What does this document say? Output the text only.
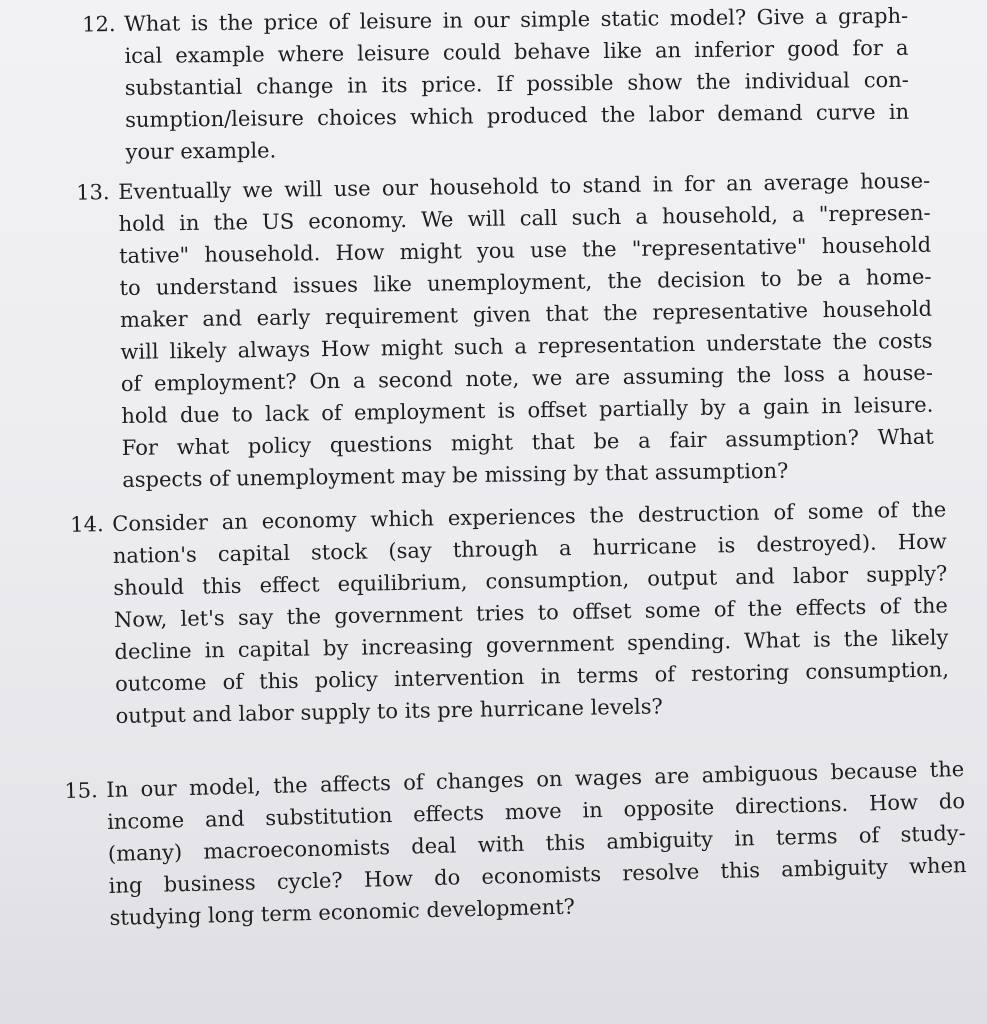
12. What is the price of leisure in our simple static model? Give a graph-
ical example where leisure could behave like an inferior good for a
substantial change in its price. If possible show the individual con-
sumption/leisure choices which produced the labor demand curve in
your example.
13. Eventually we will use our household to stand in for an average house-
hold in the US economy. We will call such a household, a "represen-
tative" household. How might you use the "representative" household
to understand issues like unemployment, the decision to be a home-
maker and early requirement given that the representative household
will likely always How might such a representation understate the costs
of employment? On a second note, we are assuming the loss a house-
hold due to lack of employment is offset partially by a gain in leisure.
For what policy questions might that be a fair assumption? What
aspects of unemployment may be missing by that assumption?
14. Consider an economy which experiences the destruction of some of the
nation's capital stock (say through a hurricane is destroyed). How
should this effect equilibrium, consumption, output and labor supply?
Now, let's say the government tries to offset some of the effects of the
decline in capital by increasing government spending. What is the likely
outcome of this policy intervention in terms of restoring consumption,
output and labor supply to its pre hurricane levels?
15. In our model, the affects of changes on wages are ambiguous because the
income and substitution effects move in opposite directions. How do
(many) macroeconomists deal with this ambiguity in terms of study-
ing business cycle? How do economists resolve this ambiguity when
studying long term economic development?
